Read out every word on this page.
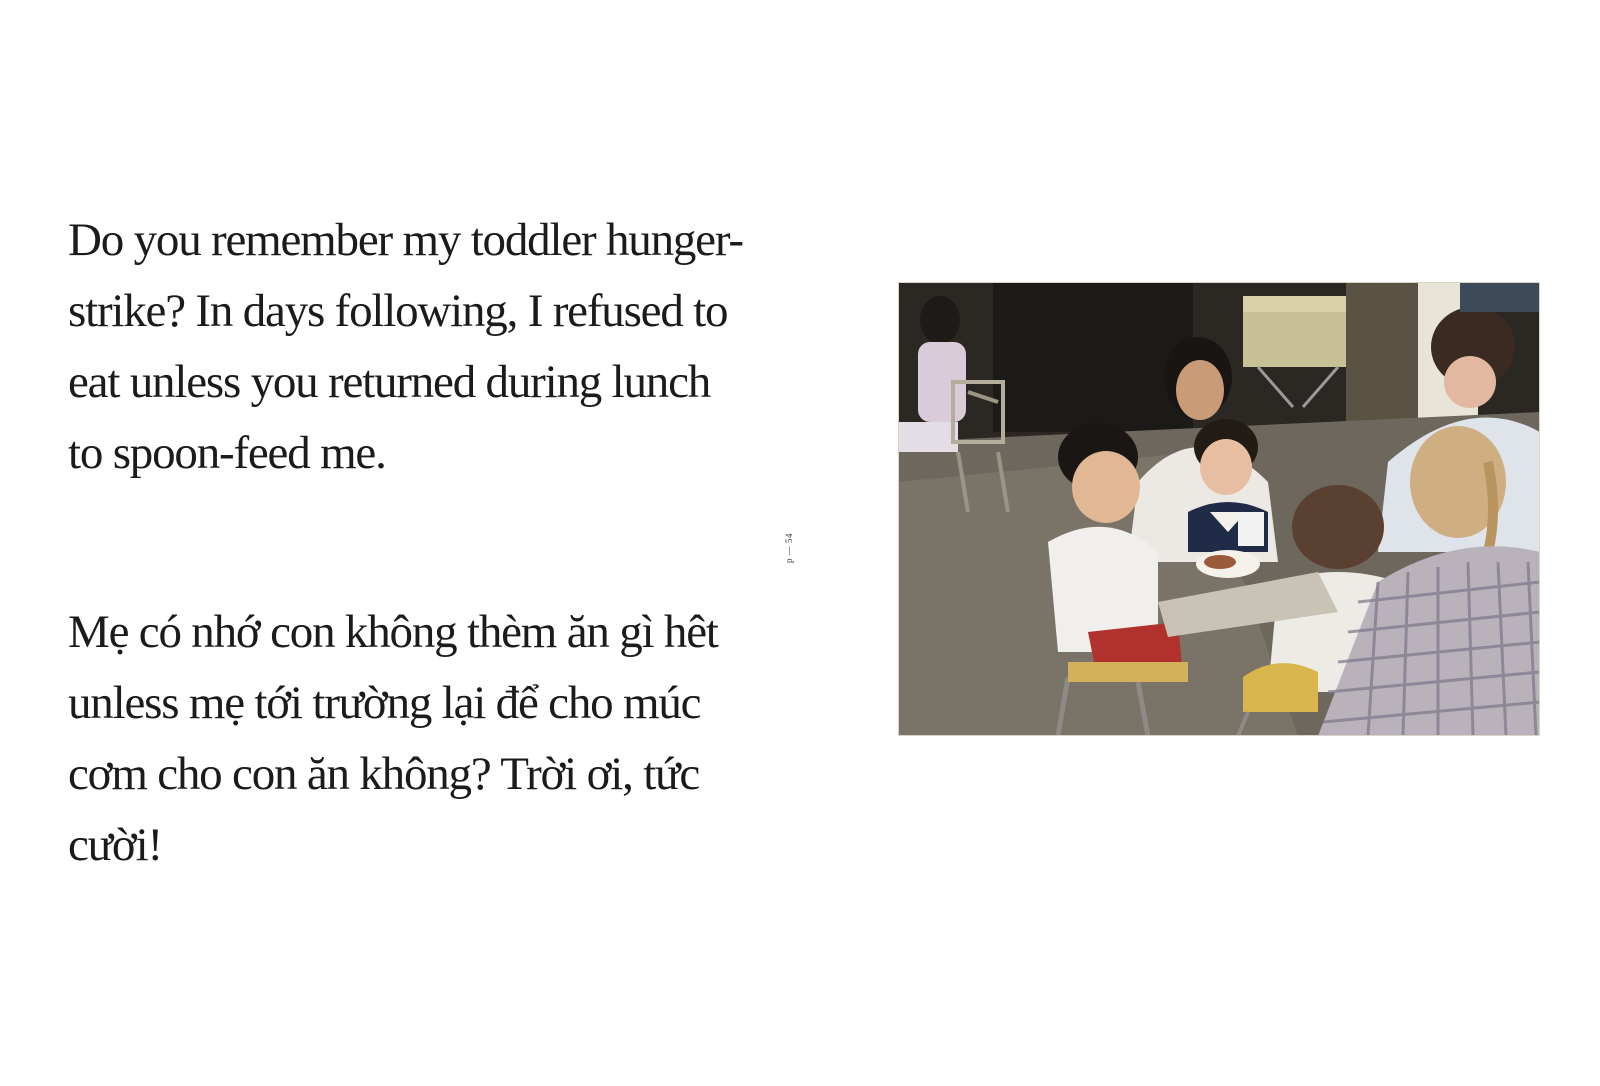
Do you remember my toddler hunger-strike? In days following, I refused to eat unless you returned during lunch to spoon-feed me.

Mẹ có nhớ con không thèm ăn gì hêt unless mẹ tới trường lại để cho múc cơm cho con ăn không? Trời ơi, tức cười!

p — 54
